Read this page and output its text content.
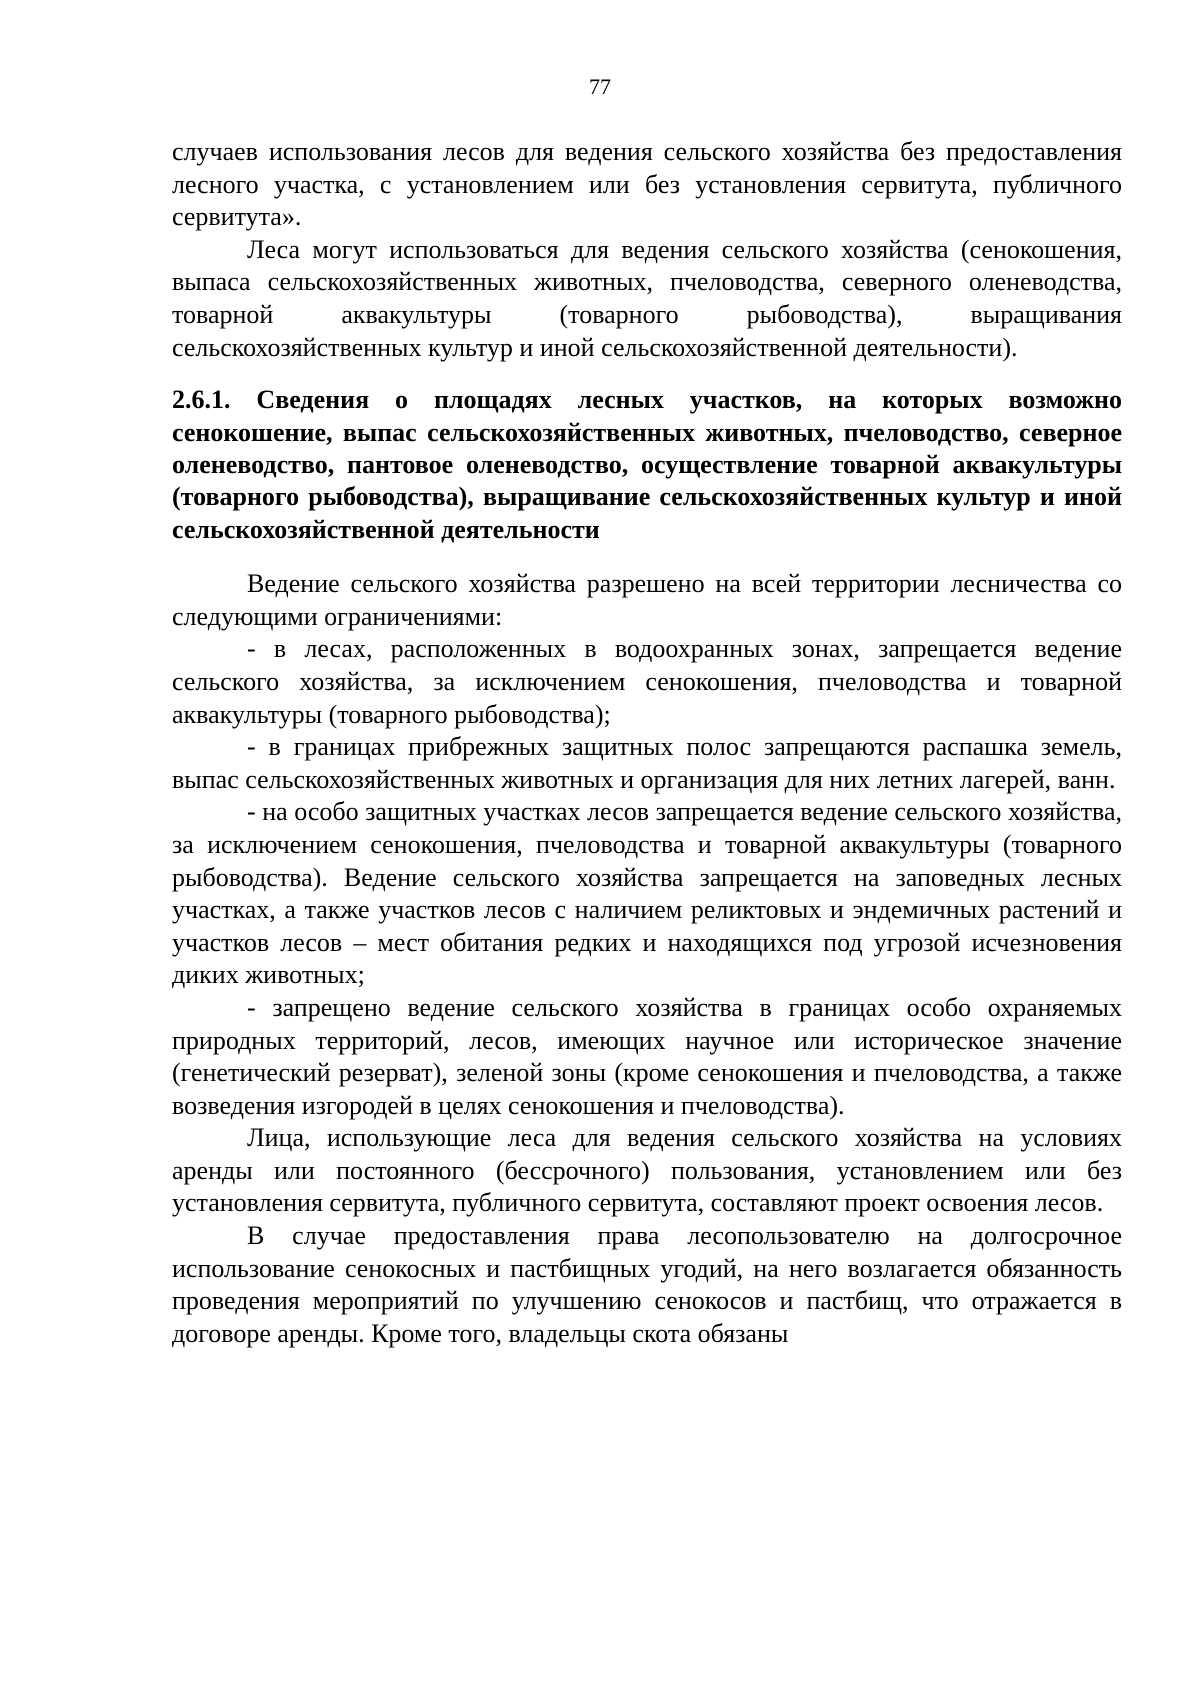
77

случаев использования лесов для ведения сельского хозяйства без предоставления лесного участка, с установлением или без установления сервитута, публичного сервитута».

Леса могут использоваться для ведения сельского хозяйства (сенокошения, выпаса сельскохозяйственных животных, пчеловодства, северного оленеводства, товарной аквакультуры (товарного рыбоводства), выращивания сельскохозяйственных культур и иной сельскохозяйственной деятельности).

2.6.1. Сведения о площадях лесных участков, на которых возможно сенокошение, выпас сельскохозяйственных животных, пчеловодство, северное оленеводство, пантовое оленеводство, осуществление товарной аквакультуры (товарного рыбоводства), выращивание сельскохозяйственных культур и иной сельскохозяйственной деятельности

Ведение сельского хозяйства разрешено на всей территории лесничества со следующими ограничениями:

- в лесах, расположенных в водоохранных зонах, запрещается ведение сельского хозяйства, за исключением сенокошения, пчеловодства и товарной аквакультуры (товарного рыбоводства);

- в границах прибрежных защитных полос запрещаются распашка земель, выпас сельскохозяйственных животных и организация для них летних лагерей, ванн.

- на особо защитных участках лесов запрещается ведение сельского хозяйства, за исключением сенокошения, пчеловодства и товарной аквакультуры (товарного рыбоводства). Ведение сельского хозяйства запрещается на заповедных лесных участках, а также участков лесов с наличием реликтовых и эндемичных растений и участков лесов – мест обитания редких и находящихся под угрозой исчезновения диких животных;

- запрещено ведение сельского хозяйства в границах особо охраняемых природных территорий, лесов, имеющих научное или историческое значение (генетический резерват), зеленой зоны (кроме сенокошения и пчеловодства, а также возведения изгородей в целях сенокошения и пчеловодства).

Лица, использующие леса для ведения сельского хозяйства на условиях аренды или постоянного (бессрочного) пользования, установлением или без установления сервитута, публичного сервитута, составляют проект освоения лесов.

В случае предоставления права лесопользователю на долгосрочное использование сенокосных и пастбищных угодий, на него возлагается обязанность проведения мероприятий по улучшению сенокосов и пастбищ, что отражается в договоре аренды. Кроме того, владельцы скота обязаны
